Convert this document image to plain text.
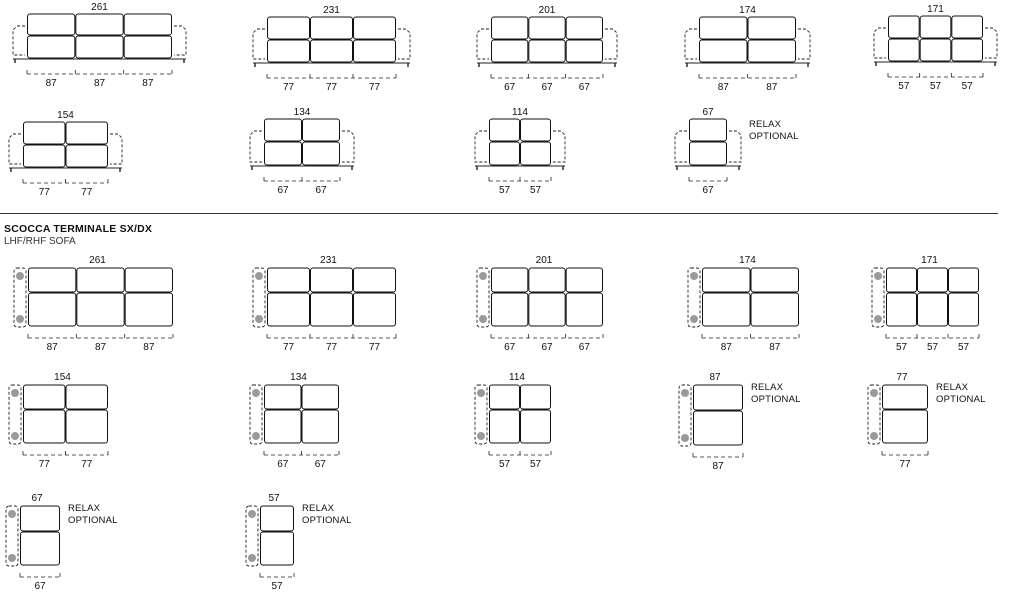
SCOCCA TERMINALE SX/DX
LHF/RHF SOFA
261
87	87	87
231
77	77	77
201
67	67	67
174
87	87
171
57 57 57
154
77	77
134
67	67
114
57 57
67
67
RELAX
OPTIONAL
261
87	87	87
231
77	77	77
201
67	67	67
174
87	87
171
57 57 57
154
77	77
134
67	67
114
57 57
87
87
RELAX
OPTIONAL
77
77
RELAX
OPTIONAL
67
67
RELAX
OPTIONAL
57
57
RELAX
OPTIONAL
